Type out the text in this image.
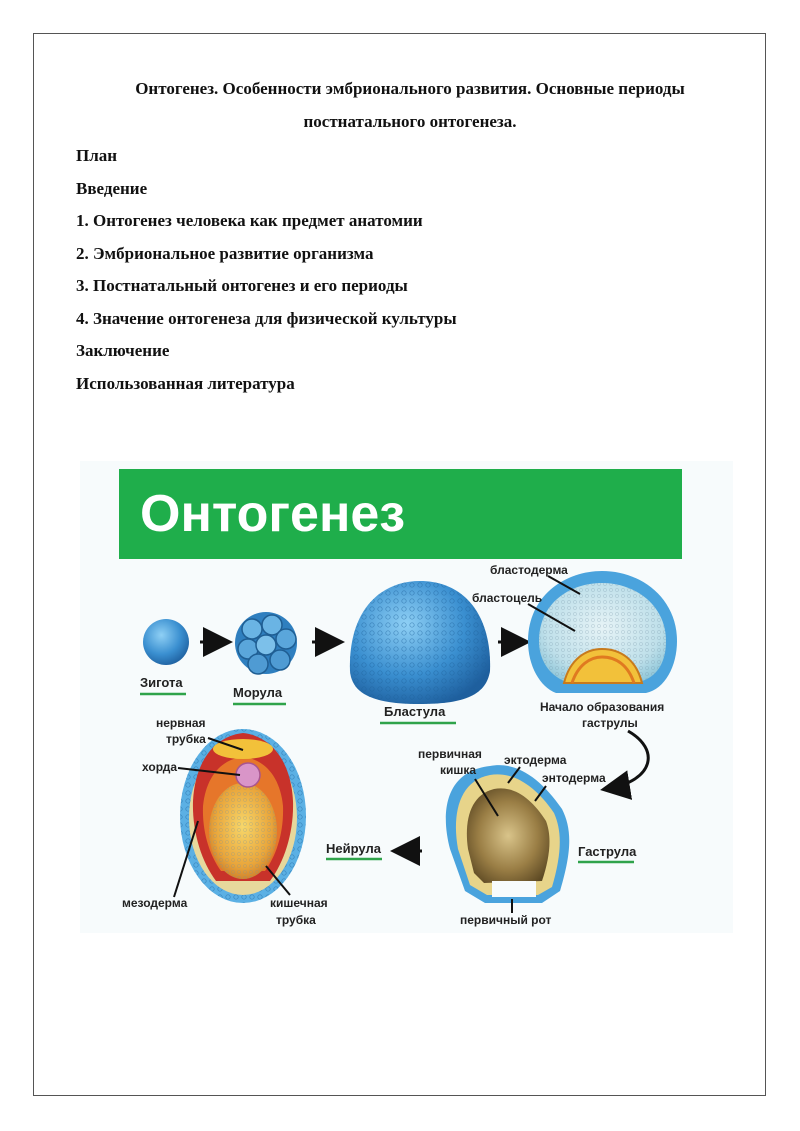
Онтогенез. Особенности эмбрионального развития. Основные периоды
постнатального онтогенеза.
План
Введение
1. Онтогенез человека как предмет анатомии
2. Эмбриональное развитие организма
3. Постнатальный онтогенез и его периоды
4. Значение онтогенеза для физической культуры
Заключение
Использованная литература
Онтогенез
Зигота
Морула
Бластула
бластодерма
бластоцель
Начало образования
гаструлы
первичная
кишка
эктодерма
энтодерма
первичный рот
Гаструла
Нейрула
нервная
трубка
хорда
мезодерма	кишечная
трубка
